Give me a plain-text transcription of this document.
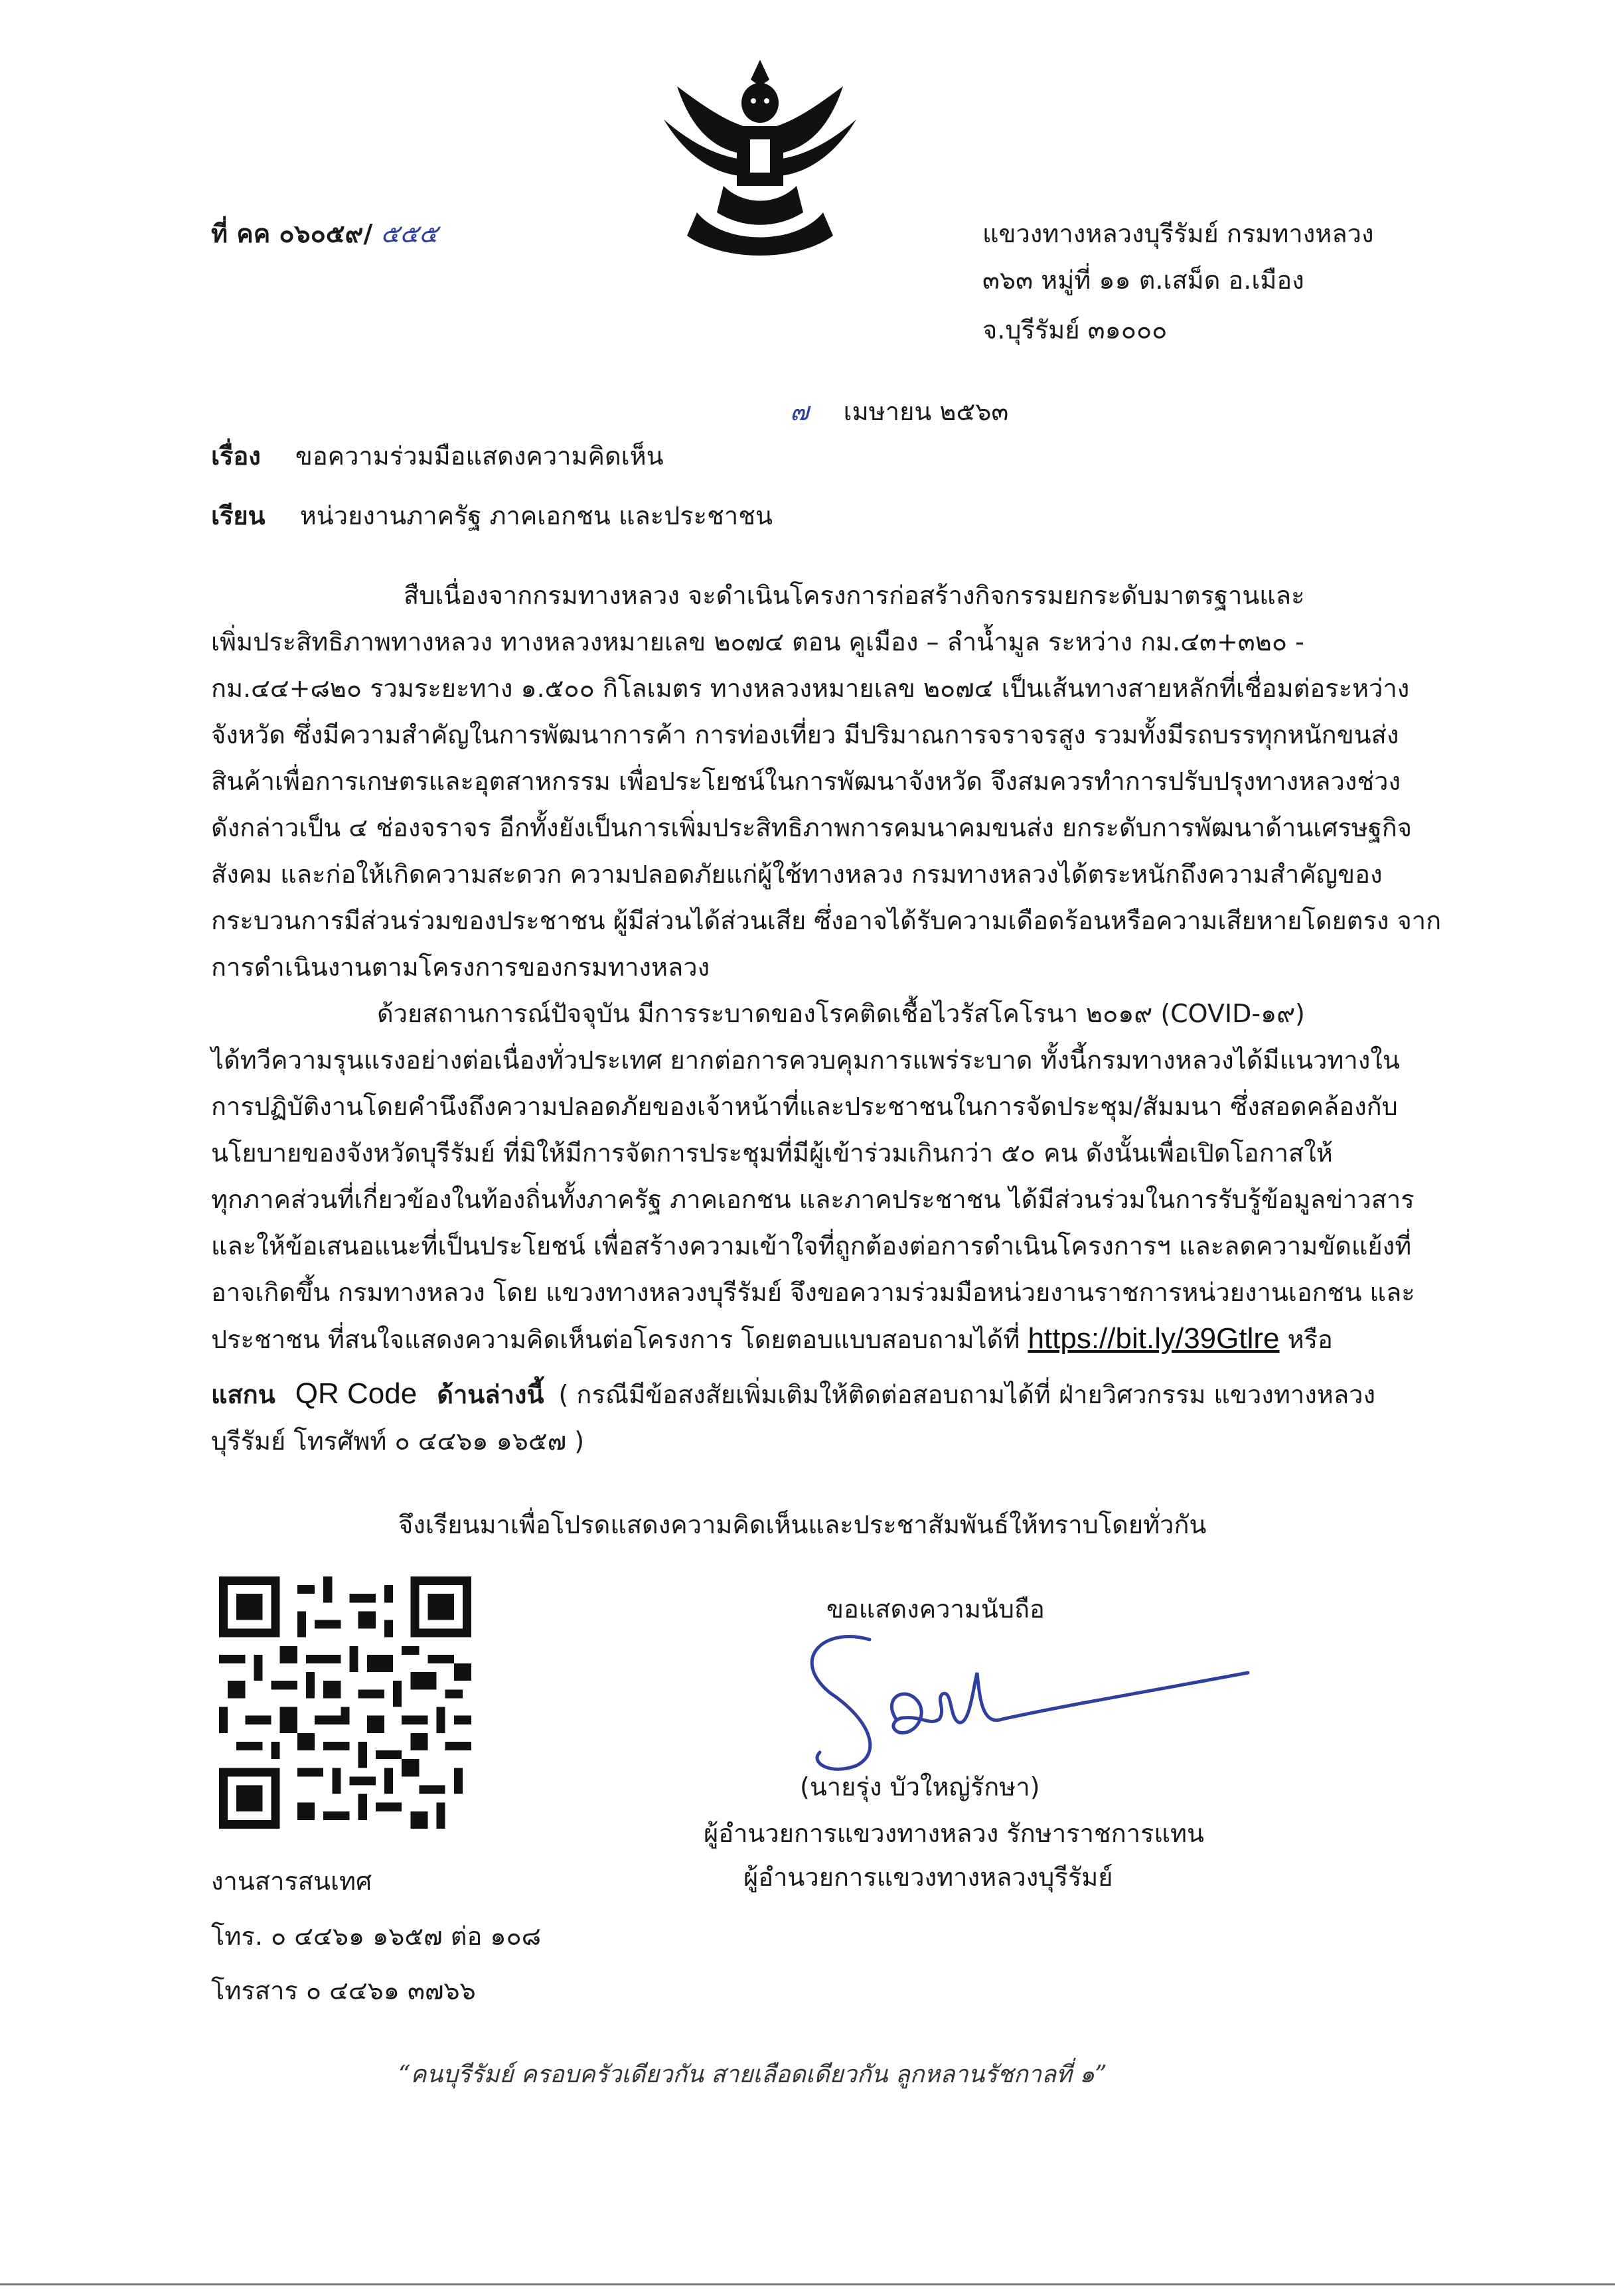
ที่ คค ๐๖๐๕๙/ ๕๕๕	แขวงทางหลวงบุรีรัมย์ กรมทางหลวง
๓๖๓ หมู่ที่ ๑๑ ต.เสม็ด อ.เมือง
จ.บุรีรัมย์ ๓๑๐๐๐
๗ เมษายน ๒๕๖๓
เรื่อง ขอความร่วมมือแสดงความคิดเห็น
เรียน หน่วยงานภาครัฐ ภาคเอกชน และประชาชน
สืบเนื่องจากกรมทางหลวง จะดำเนินโครงการก่อสร้างกิจกรรมยกระดับมาตรฐานและ
เพิ่มประสิทธิภาพทางหลวง ทางหลวงหมายเลข ๒๐๗๔ ตอน คูเมือง – ลำน้ำมูล ระหว่าง กม.๔๓+๓๒๐ -
กม.๔๔+๘๒๐ รวมระยะทาง ๑.๕๐๐ กิโลเมตร ทางหลวงหมายเลข ๒๐๗๔ เป็นเส้นทางสายหลักที่เชื่อมต่อระหว่าง
จังหวัด ซึ่งมีความสำคัญในการพัฒนาการค้า การท่องเที่ยว มีปริมาณการจราจรสูง รวมทั้งมีรถบรรทุกหนักขนส่ง
สินค้าเพื่อการเกษตรและอุตสาหกรรม เพื่อประโยชน์ในการพัฒนาจังหวัด จึงสมควรทำการปรับปรุงทางหลวงช่วง
ดังกล่าวเป็น ๔ ช่องจราจร อีกทั้งยังเป็นการเพิ่มประสิทธิภาพการคมนาคมขนส่ง ยกระดับการพัฒนาด้านเศรษฐกิจ
สังคม และก่อให้เกิดความสะดวก ความปลอดภัยแก่ผู้ใช้ทางหลวง กรมทางหลวงได้ตระหนักถึงความสำคัญของ
กระบวนการมีส่วนร่วมของประชาชน ผู้มีส่วนได้ส่วนเสีย ซึ่งอาจได้รับความเดือดร้อนหรือความเสียหายโดยตรง จาก
การดำเนินงานตามโครงการของกรมทางหลวง
ด้วยสถานการณ์ปัจจุบัน มีการระบาดของโรคติดเชื้อไวรัสโคโรนา ๒๐๑๙ (COVID-๑๙)
ได้ทวีความรุนแรงอย่างต่อเนื่องทั่วประเทศ ยากต่อการควบคุมการแพร่ระบาด ทั้งนี้กรมทางหลวงได้มีแนวทางใน
การปฏิบัติงานโดยคำนึงถึงความปลอดภัยของเจ้าหน้าที่และประชาชนในการจัดประชุม/สัมมนา ซึ่งสอดคล้องกับ
นโยบายของจังหวัดบุรีรัมย์ ที่มิให้มีการจัดการประชุมที่มีผู้เข้าร่วมเกินกว่า ๕๐ คน ดังนั้นเพื่อเปิดโอกาสให้
ทุกภาคส่วนที่เกี่ยวข้องในท้องถิ่นทั้งภาครัฐ ภาคเอกชน และภาคประชาชน ได้มีส่วนร่วมในการรับรู้ข้อมูลข่าวสาร
และให้ข้อเสนอแนะที่เป็นประโยชน์ เพื่อสร้างความเข้าใจที่ถูกต้องต่อการดำเนินโครงการฯ และลดความขัดแย้งที่
อาจเกิดขึ้น กรมทางหลวง โดย แขวงทางหลวงบุรีรัมย์ จึงขอความร่วมมือหน่วยงานราชการหน่วยงานเอกชน และ
ประชาชน ที่สนใจแสดงความคิดเห็นต่อโครงการ โดยตอบแบบสอบถามได้ที่ https://bit.ly/39Gtlre หรือ
แสกน QR Code ด้านล่างนี้ ( กรณีมีข้อสงสัยเพิ่มเติมให้ติดต่อสอบถามได้ที่ ฝ่ายวิศวกรรม แขวงทางหลวง
บุรีรัมย์ โทรศัพท์ ๐ ๔๔๖๑ ๑๖๕๗ )
จึงเรียนมาเพื่อโปรดแสดงความคิดเห็นและประชาสัมพันธ์ให้ทราบโดยทั่วกัน
ขอแสดงความนับถือ
(นายรุ่ง บัวใหญ่รักษา)
ผู้อำนวยการแขวงทางหลวง รักษาราชการแทน
ผู้อำนวยการแขวงทางหลวงบุรีรัมย์
งานสารสนเทศ
โทร. ๐ ๔๔๖๑ ๑๖๕๗ ต่อ ๑๐๘
โทรสาร ๐ ๔๔๖๑ ๓๗๖๖
“คนบุรีรัมย์ ครอบครัวเดียวกัน สายเลือดเดียวกัน ลูกหลานรัชกาลที่ ๑”
